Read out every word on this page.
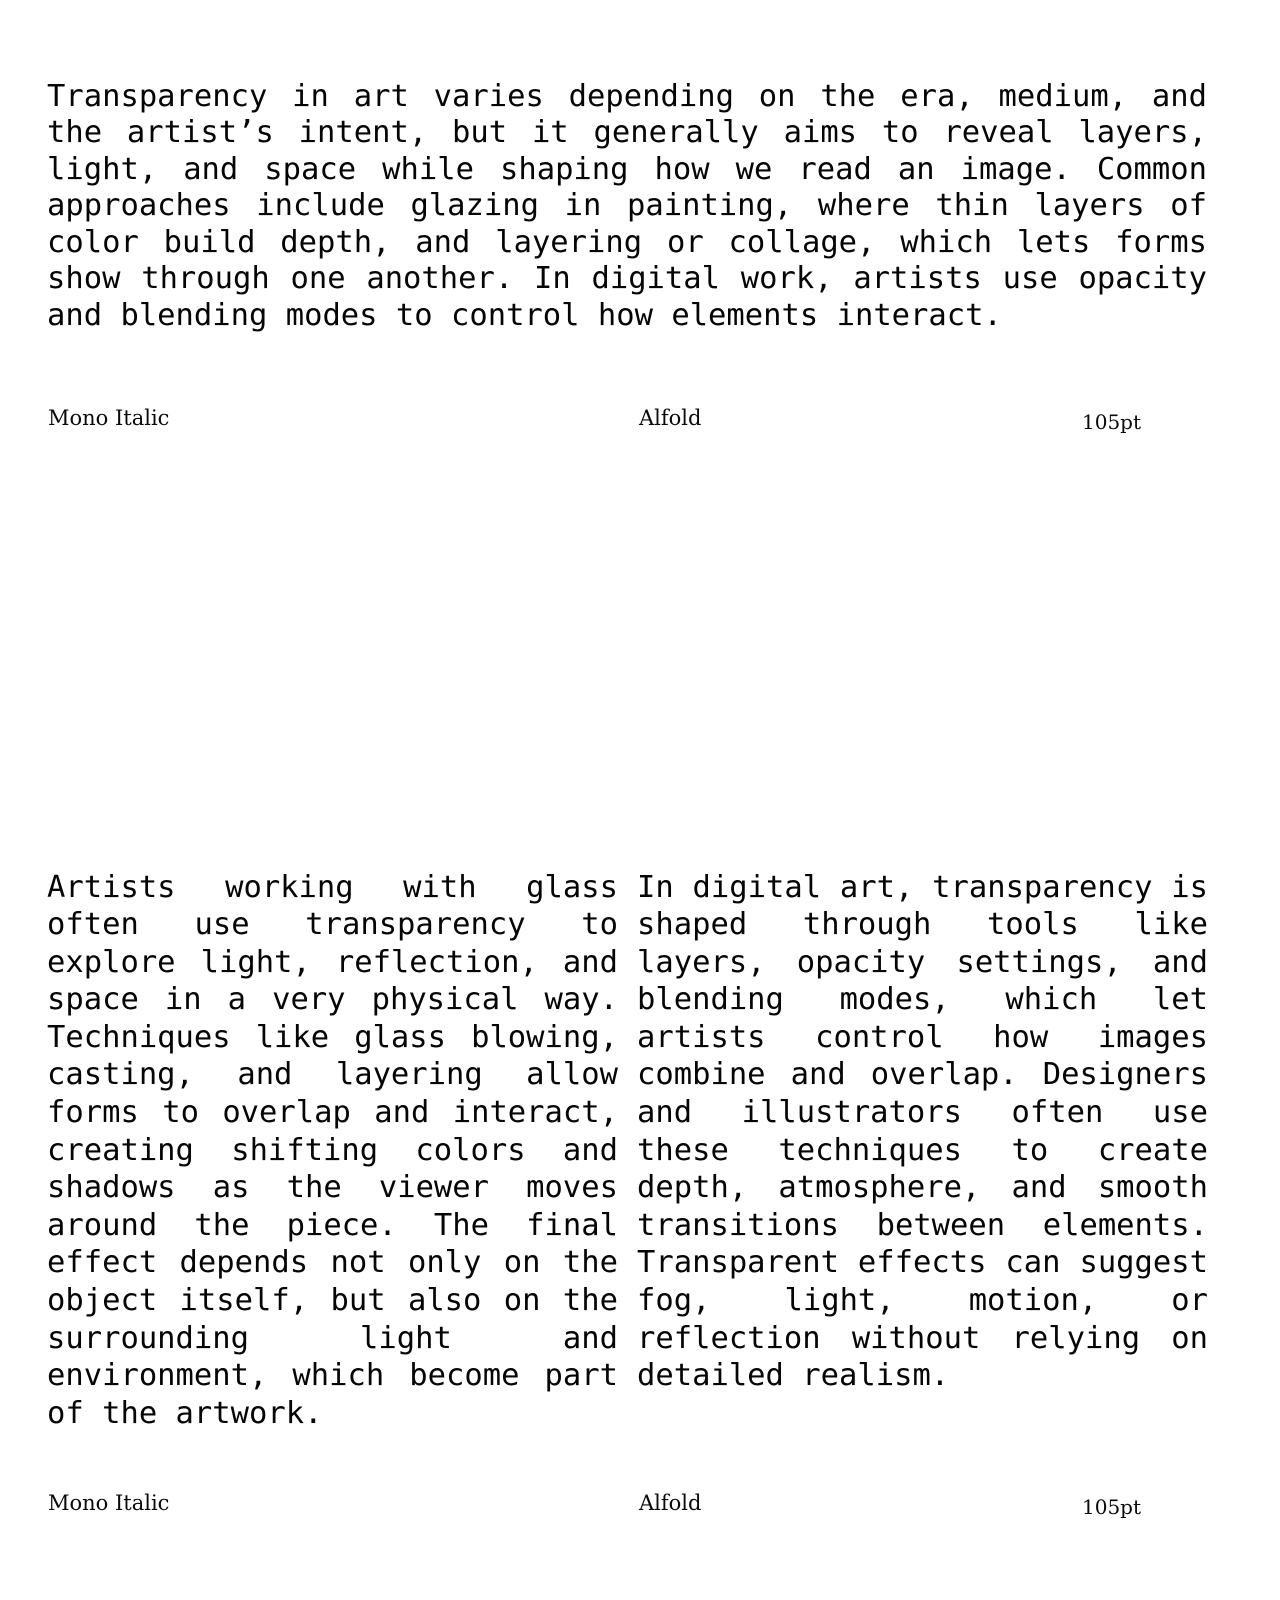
Transparency in art varies depending on the era, medium, and the artist’s intent, but it generally aims to reveal layers, light, and space while shaping how we read an image. Common approaches include glazing in painting, where thin layers of color build depth, and layering or collage, which lets forms show through one another. In digital work, artists use opacity and blending modes to control how elements interact.

Mono Italic	Alfold	105pt

Artists working with glass often use transparency to explore light, reflection, and space in a very physical way. Techniques like glass blowing, casting, and layering allow forms to overlap and interact, creating shifting colors and shadows as the viewer moves around the piece. The final effect depends not only on the object itself, but also on the surrounding light and environment, which become part of the artwork.

In digital art, transparency is shaped through tools like layers, opacity settings, and blending modes, which let artists control how images combine and overlap. Designers and illustrators often use these techniques to create depth, atmosphere, and smooth transitions between elements. Transparent effects can suggest fog, light, motion, or reflection without relying on detailed realism.

Mono Italic	Alfold	105pt
